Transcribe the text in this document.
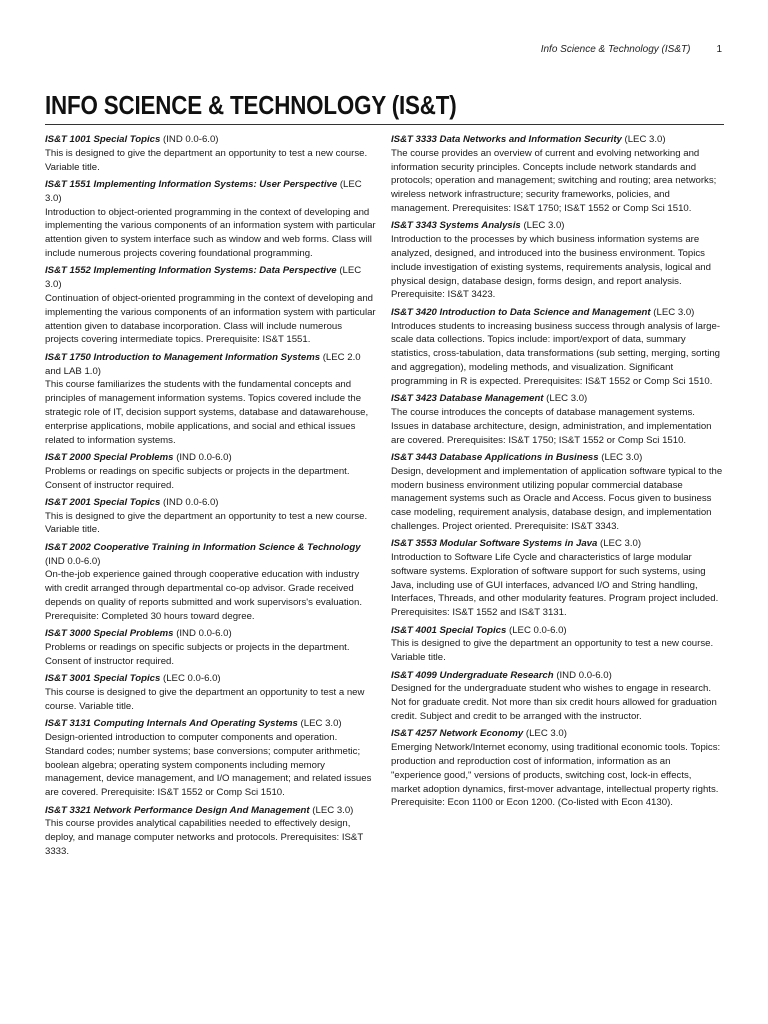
Info Science & Technology (IS&T)	1
INFO SCIENCE & TECHNOLOGY (IS&T)
IS&T 1001 Special Topics (IND 0.0-6.0)
This is designed to give the department an opportunity to test a new course. Variable title.
IS&T 1551 Implementing Information Systems: User Perspective (LEC 3.0)
Introduction to object-oriented programming in the context of developing and implementing the various components of an information system with particular attention given to system interface such as window and web forms. Class will include numerous projects covering foundational programming.
IS&T 1552 Implementing Information Systems: Data Perspective (LEC 3.0)
Continuation of object-oriented programming in the context of developing and implementing the various components of an information system with particular attention given to database incorporation. Class will include numerous projects covering intermediate topics. Prerequisite: IS&T 1551.
IS&T 1750 Introduction to Management Information Systems (LEC 2.0 and LAB 1.0)
This course familiarizes the students with the fundamental concepts and principles of management information systems. Topics covered include the strategic role of IT, decision support systems, database and datawarehouse, enterprise applications, mobile applications, and social and ethical issues related to information systems.
IS&T 2000 Special Problems (IND 0.0-6.0)
Problems or readings on specific subjects or projects in the department. Consent of instructor required.
IS&T 2001 Special Topics (IND 0.0-6.0)
This is designed to give the department an opportunity to test a new course. Variable title.
IS&T 2002 Cooperative Training in Information Science & Technology (IND 0.0-6.0)
On-the-job experience gained through cooperative education with industry with credit arranged through departmental co-op advisor. Grade received depends on quality of reports submitted and work supervisors's evaluation. Prerequisite: Completed 30 hours toward degree.
IS&T 3000 Special Problems (IND 0.0-6.0)
Problems or readings on specific subjects or projects in the department. Consent of instructor required.
IS&T 3001 Special Topics (LEC 0.0-6.0)
This course is designed to give the department an opportunity to test a new course. Variable title.
IS&T 3131 Computing Internals And Operating Systems (LEC 3.0)
Design-oriented introduction to computer components and operation. Standard codes; number systems; base conversions; computer arithmetic; boolean algebra; operating system components including memory management, device management, and I/O management; and related issues are covered. Prerequisite: IS&T 1552 or Comp Sci 1510.
IS&T 3321 Network Performance Design And Management (LEC 3.0)
This course provides analytical capabilities needed to effectively design, deploy, and manage computer networks and protocols. Prerequisites: IS&T 3333.
IS&T 3333 Data Networks and Information Security (LEC 3.0)
The course provides an overview of current and evolving networking and information security principles. Concepts include network standards and protocols; operation and management; switching and routing; area networks; wireless network infrastructure; security frameworks, policies, and management. Prerequisites: IS&T 1750; IS&T 1552 or Comp Sci 1510.
IS&T 3343 Systems Analysis (LEC 3.0)
Introduction to the processes by which business information systems are analyzed, designed, and introduced into the business environment. Topics include investigation of existing systems, requirements analysis, logical and physical design, database design, forms design, and report analysis. Prerequisite: IS&T 3423.
IS&T 3420 Introduction to Data Science and Management (LEC 3.0)
Introduces students to increasing business success through analysis of large-scale data collections. Topics include: import/export of data, summary statistics, cross-tabulation, data transformations (sub setting, merging, sorting and aggregation), modeling methods, and visualization. Significant programming in R is expected. Prerequisites: IS&T 1552 or Comp Sci 1510.
IS&T 3423 Database Management (LEC 3.0)
The course introduces the concepts of database management systems. Issues in database architecture, design, administration, and implementation are covered. Prerequisites: IS&T 1750; IS&T 1552 or Comp Sci 1510.
IS&T 3443 Database Applications in Business (LEC 3.0)
Design, development and implementation of application software typical to the modern business environment utilizing popular commercial database management systems such as Oracle and Access. Focus given to business case modeling, requirement analysis, database design, and implementation challenges. Project oriented. Prerequisite: IS&T 3343.
IS&T 3553 Modular Software Systems in Java (LEC 3.0)
Introduction to Software Life Cycle and characteristics of large modular software systems. Exploration of software support for such systems, using Java, including use of GUI interfaces, advanced I/O and String handling, Interfaces, Threads, and other modularity features. Program project included. Prerequisites: IS&T 1552 and IS&T 3131.
IS&T 4001 Special Topics (LEC 0.0-6.0)
This is designed to give the department an opportunity to test a new course. Variable title.
IS&T 4099 Undergraduate Research (IND 0.0-6.0)
Designed for the undergraduate student who wishes to engage in research. Not for graduate credit. Not more than six credit hours allowed for graduation credit. Subject and credit to be arranged with the instructor.
IS&T 4257 Network Economy (LEC 3.0)
Emerging Network/Internet economy, using traditional economic tools. Topics: production and reproduction cost of information, information as an "experience good," versions of products, switching cost, lock-in effects, market adoption dynamics, first-mover advantage, intellectual property rights. Prerequisite: Econ 1100 or Econ 1200. (Co-listed with Econ 4130).
